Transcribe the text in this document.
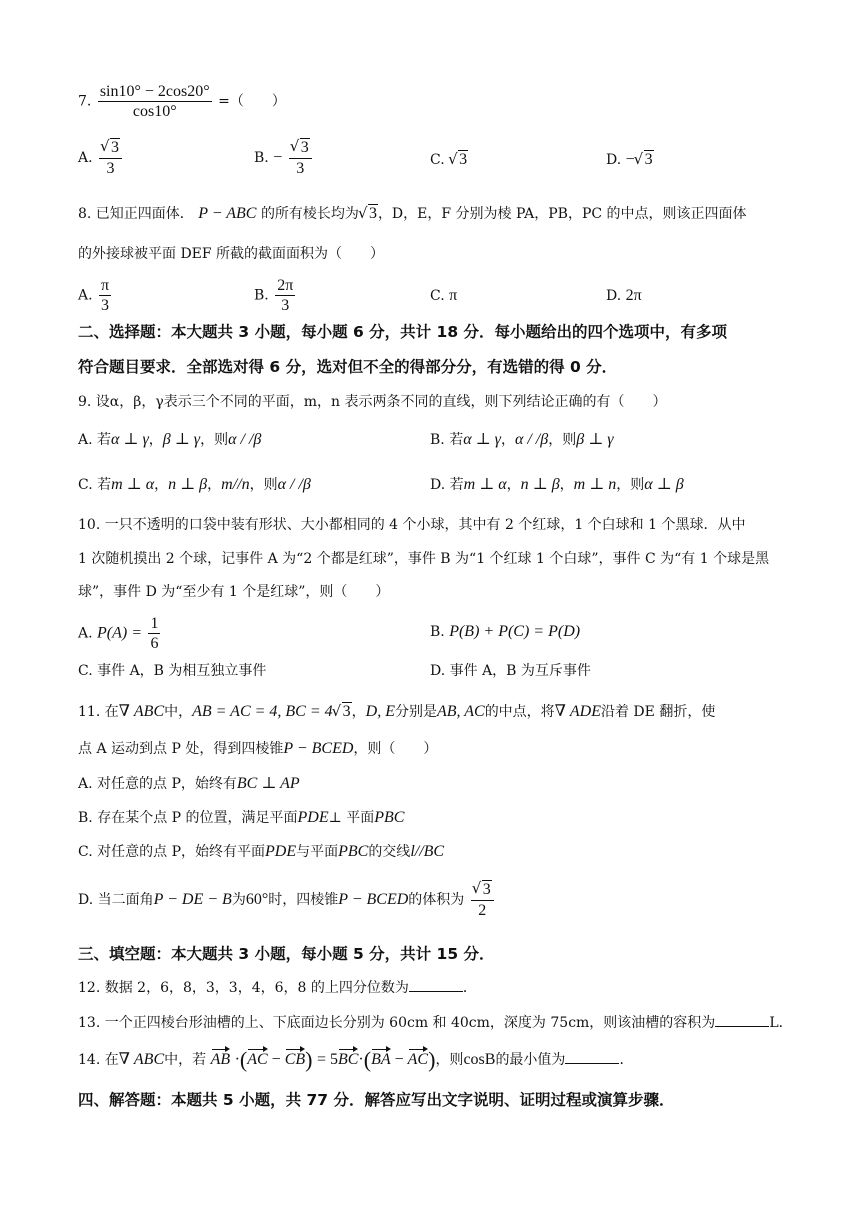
7. $\frac{\sin 10^\circ - 2\cos 20^\circ}{\cos 10^\circ}$ =（　　）
A. √ $\frac{3}{3}$	B. − √ $\frac{3}{3}$	C. √ 3	D. − √ 3
8. 已知正四面体． P − ABC 的所有棱长均为 √ 3，D，E，F 分别为棱 PA，PB，PC 的中点，则该正四面体
的外接球被平面 DEF 所截的截面面积为（　　）
A. $\frac{\pi}{3}$	B. $\frac{2\pi}{3}$	C. π	D. 2π
二、选择题：本大题共 3 小题，每小题 6 分，共计 18 分．每小题给出的四个选项中，有多项
符合题目要求．全部选对得 6 分，选对但不全的得部分分，有选错的得 0 分．
9. 设α，β，γ表示三个不同的平面，m，n 表示两条不同的直线，则下列结论正确的有（　　）
A. 若α ⊥ γ，β ⊥ γ，则α / /β	B. 若α ⊥ γ，α / /β，则β ⊥ γ
C. 若m ⊥ α，n ⊥ β，m//n，则α / /β	D. 若m ⊥ α，n ⊥ β，m ⊥ n，则α ⊥ β
10. 一只不透明的口袋中装有形状、大小都相同的 4 个小球，其中有 2 个红球，1 个白球和 1 个黑球．从中
1 次随机摸出 2 个球，记事件 A 为“2 个都是红球”，事件 B 为“1 个红球 1 个白球”，事件 C 为“有 1 个球是黑
球”，事件 D 为“至少有 1 个是红球”，则（　　）
A. $P(A) = \frac{1}{6}$	B. P(B) + P(C) = P(D)
C. 事件 A，B 为相互独立事件	D. 事件 A，B 为互斥事件
11. 在∇ ABC中，AB = AC = 4, BC = 4 √ 3，D, E分别是AB, AC的中点，将∇ ADE沿着 DE 翻折，使
点 A 运动到点 P 处，得到四棱锥P − BCED，则（　　）
A. 对任意的点 P，始终有BC ⊥ AP
B. 存在某个点 P 的位置，满足平面PDE⊥ 平面PBC
C. 对任意的点 P，始终有平面PDE与平面PBC的交线l//BC
D. 当二面角P − DE − B为60°时，四棱锥P − BCED的体积为 √ $\frac{3}{2}$
三、填空题：本大题共 3 小题，每小题 5 分，共计 15 分．
12. 数据 2，6，8，3，3，4，6，8 的上四分位数为	．
13. 一个正四棱台形油槽的上、下底面边长分别为 60cm 和 40cm，深度为 75cm，则该油槽的容积为	L．
14. 在∇ ABC中，若 AB ·(AC − CB) = 5BC·(BA − AC)，则cosB的最小值为	．
四、解答题：本题共 5 小题，共 77 分．解答应写出文字说明、证明过程或演算步骤．
